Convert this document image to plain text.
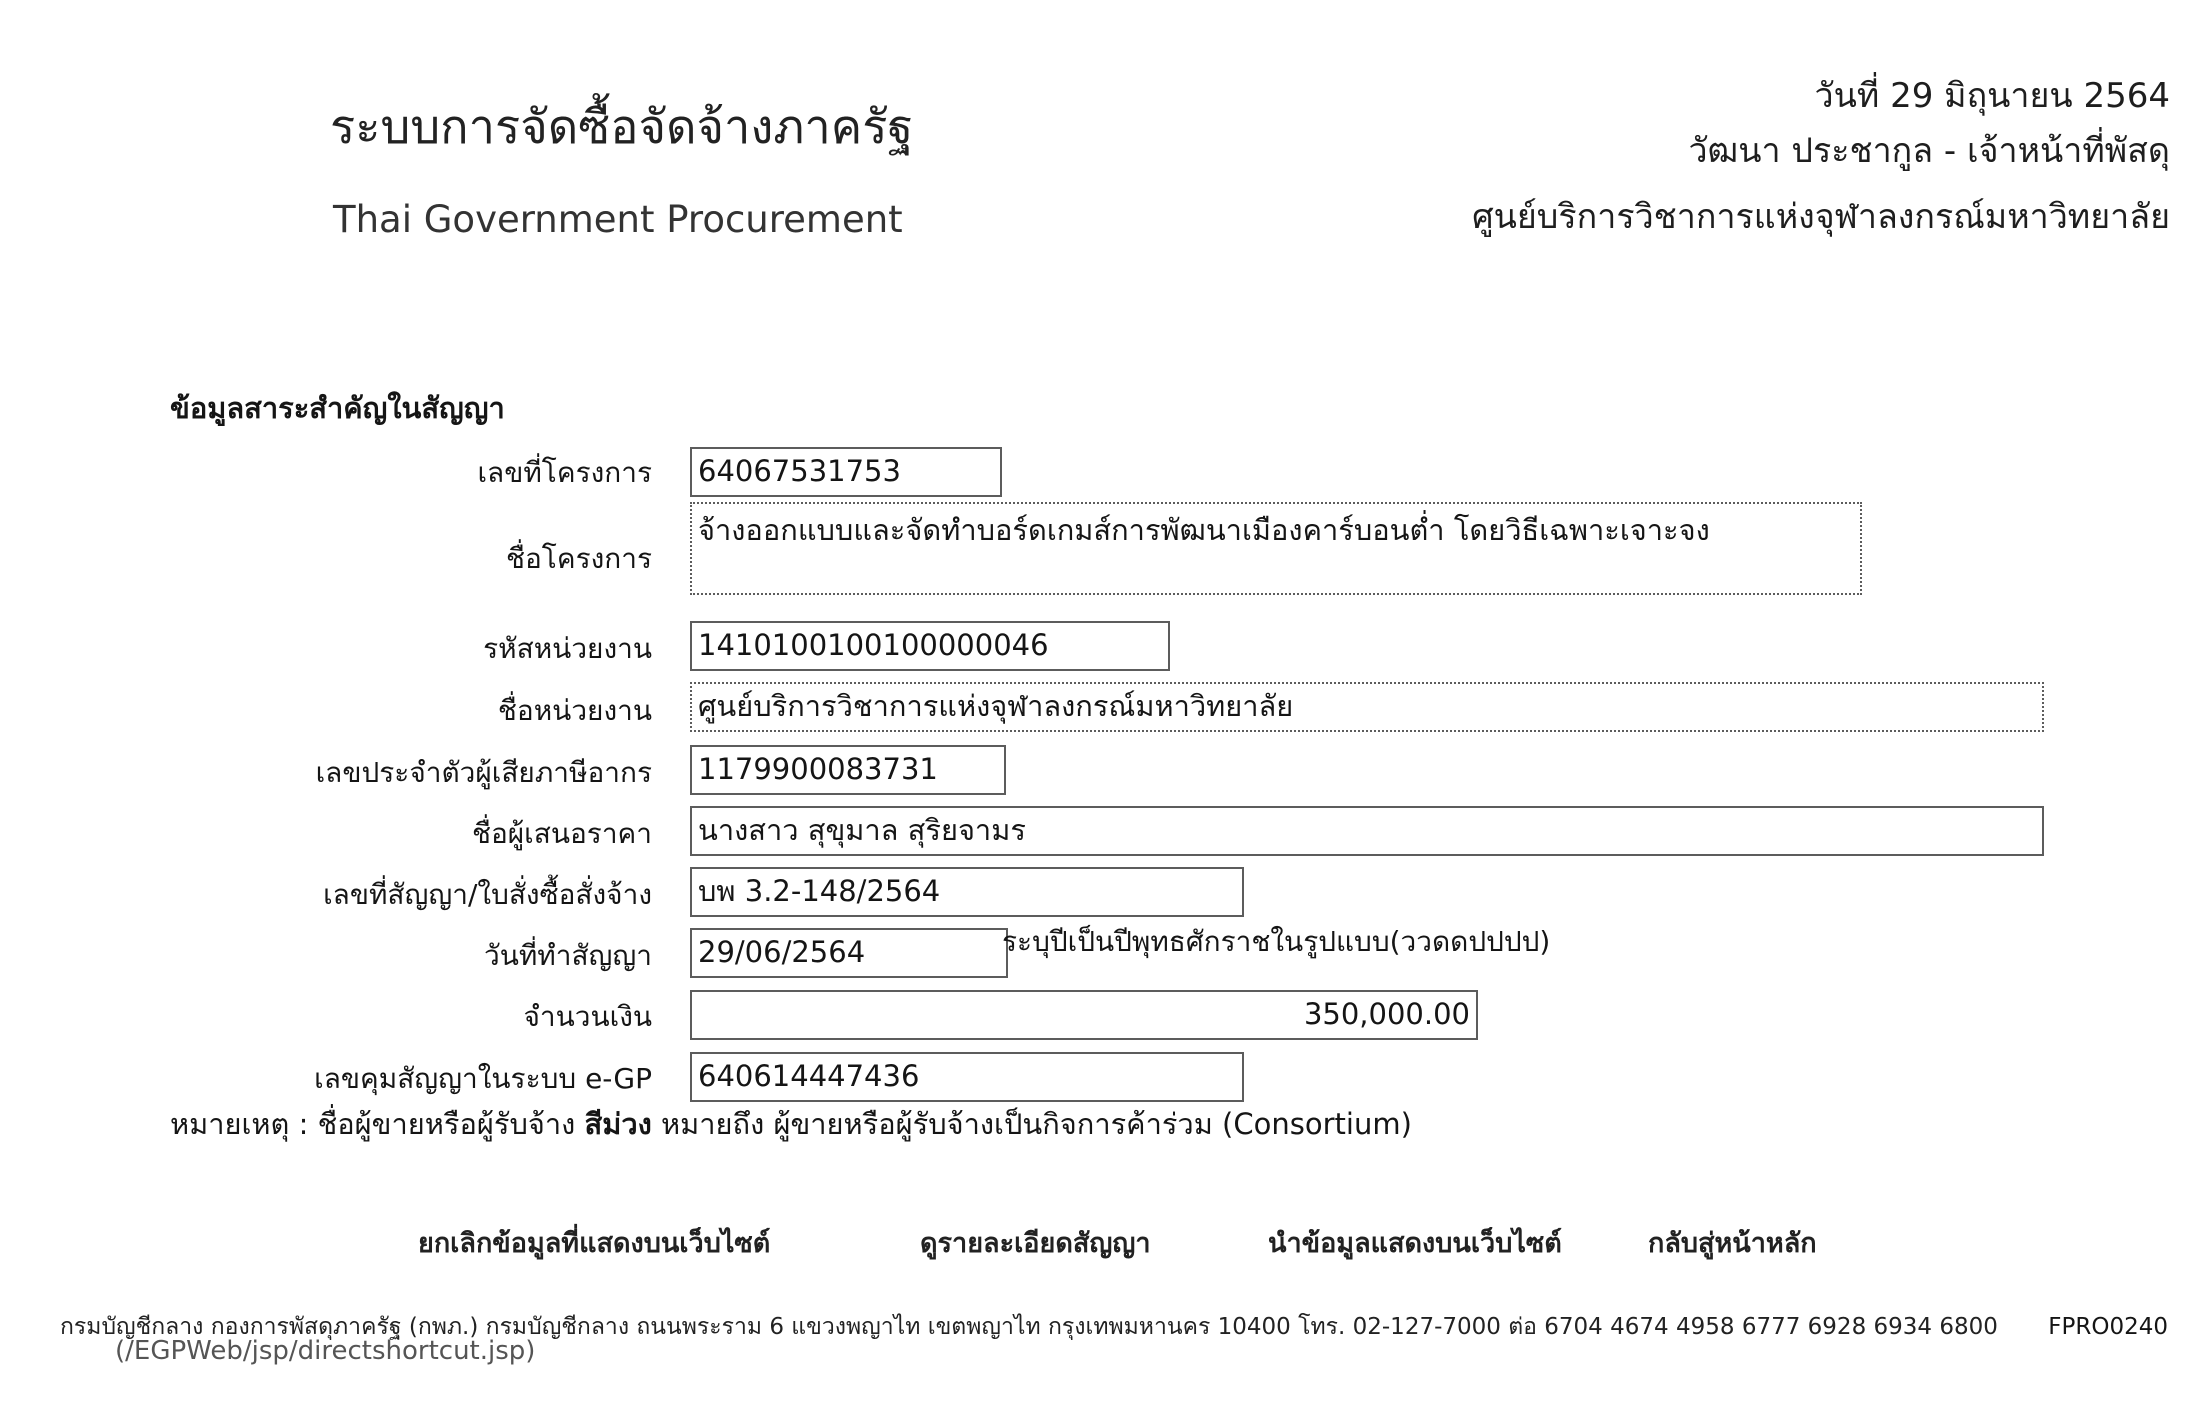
ระบบการจัดซื้อจัดจ้างภาครัฐ
Thai Government Procurement
วันที่ 29 มิถุนายน 2564
วัฒนา ประชากูล - เจ้าหน้าที่พัสดุ
ศูนย์บริการวิชาการแห่งจุฬาลงกรณ์มหาวิทยาลัย
ข้อมูลสาระสำคัญในสัญญา
เลขที่โครงการ 64067531753
ชื่อโครงการ
จ้างออกแบบและจัดทำบอร์ดเกมส์การพัฒนาเมืองคาร์บอนต่ำ โดยวิธีเฉพาะเจาะจง
รหัสหน่วยงาน 1410100100100000046
ชื่อหน่วยงาน ศูนย์บริการวิชาการแห่งจุฬาลงกรณ์มหาวิทยาลัย
เลขประจำตัวผู้เสียภาษีอากร 1179900083731
ชื่อผู้เสนอราคา นางสาว สุขุมาล สุริยจามร
เลขที่สัญญา/ใบสั่งซื้อสั่งจ้าง บพ 3.2-148/2564
วันที่ทำสัญญา 29/06/2564	ระบุปีเป็นปีพุทธศักราชในรูปแบบ(ววดดปปปป)
จำนวนเงิน	350,000.00
เลขคุมสัญญาในระบบ e-GP 640614447436
หมายเหตุ : ชื่อผู้ขายหรือผู้รับจ้าง สีม่วง หมายถึง ผู้ขายหรือผู้รับจ้างเป็นกิจการค้าร่วม (Consortium)
ยกเลิกข้อมูลที่แสดงบนเว็บไซต์	ดูรายละเอียดสัญญา	นำข้อมูลแสดงบนเว็บไซต์	กลับสู่หน้าหลัก
กรมบัญชีกลาง กองการพัสดุภาครัฐ (กพภ.) กรมบัญชีกลาง ถนนพระราม 6 แขวงพญาไท เขตพญาไท กรุงเทพมหานคร 10400 โทร. 02-127-7000 ต่อ 6704 4674 4958 6777 6928 6934 6800 FPRO0240
(/EGPWeb/jsp/directshortcut.jsp)
